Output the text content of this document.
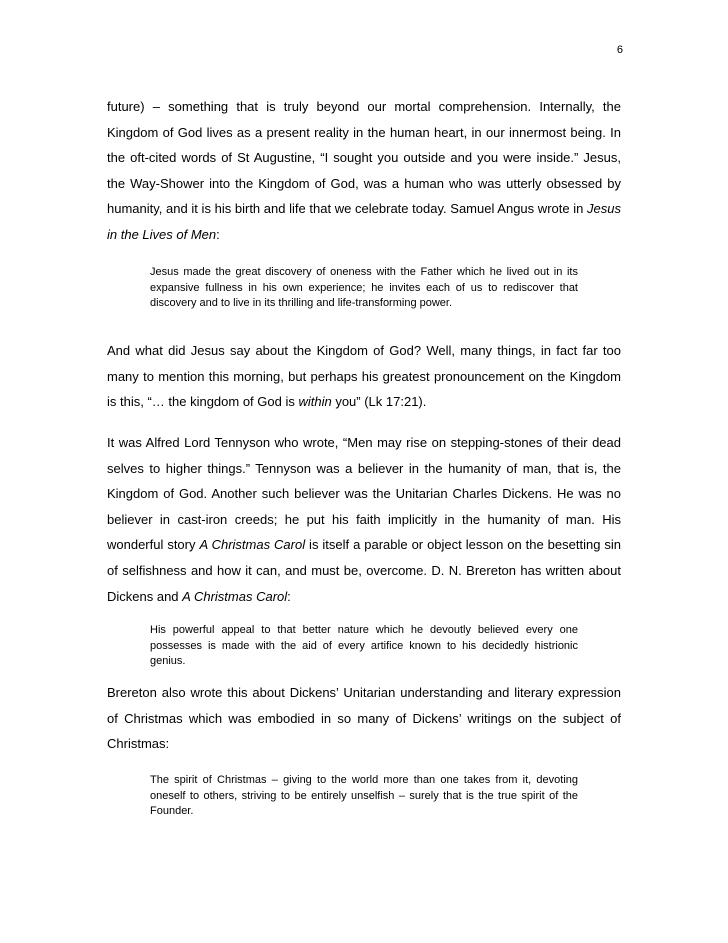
6

future) – something that is truly beyond our mortal comprehension. Internally, the Kingdom of God lives as a present reality in the human heart, in our innermost being. In the oft-cited words of St Augustine, “I sought you outside and you were inside.” Jesus, the Way-Shower into the Kingdom of God, was a human who was utterly obsessed by humanity, and it is his birth and life that we celebrate today. Samuel Angus wrote in Jesus in the Lives of Men:

Jesus made the great discovery of oneness with the Father which he lived out in its expansive fullness in his own experience; he invites each of us to rediscover that discovery and to live in its thrilling and life-transforming power.

And what did Jesus say about the Kingdom of God? Well, many things, in fact far too many to mention this morning, but perhaps his greatest pronouncement on the Kingdom is this, “… the kingdom of God is within you” (Lk 17:21).

It was Alfred Lord Tennyson who wrote, “Men may rise on stepping-stones of their dead selves to higher things.” Tennyson was a believer in the humanity of man, that is, the Kingdom of God. Another such believer was the Unitarian Charles Dickens. He was no believer in cast-iron creeds; he put his faith implicitly in the humanity of man. His wonderful story A Christmas Carol is itself a parable or object lesson on the besetting sin of selfishness and how it can, and must be, overcome. D. N. Brereton has written about Dickens and A Christmas Carol:

His powerful appeal to that better nature which he devoutly believed every one possesses is made with the aid of every artifice known to his decidedly histrionic genius.

Brereton also wrote this about Dickens’ Unitarian understanding and literary expression of Christmas which was embodied in so many of Dickens’ writings on the subject of Christmas:

The spirit of Christmas – giving to the world more than one takes from it, devoting oneself to others, striving to be entirely unselfish – surely that is the true spirit of the Founder.
